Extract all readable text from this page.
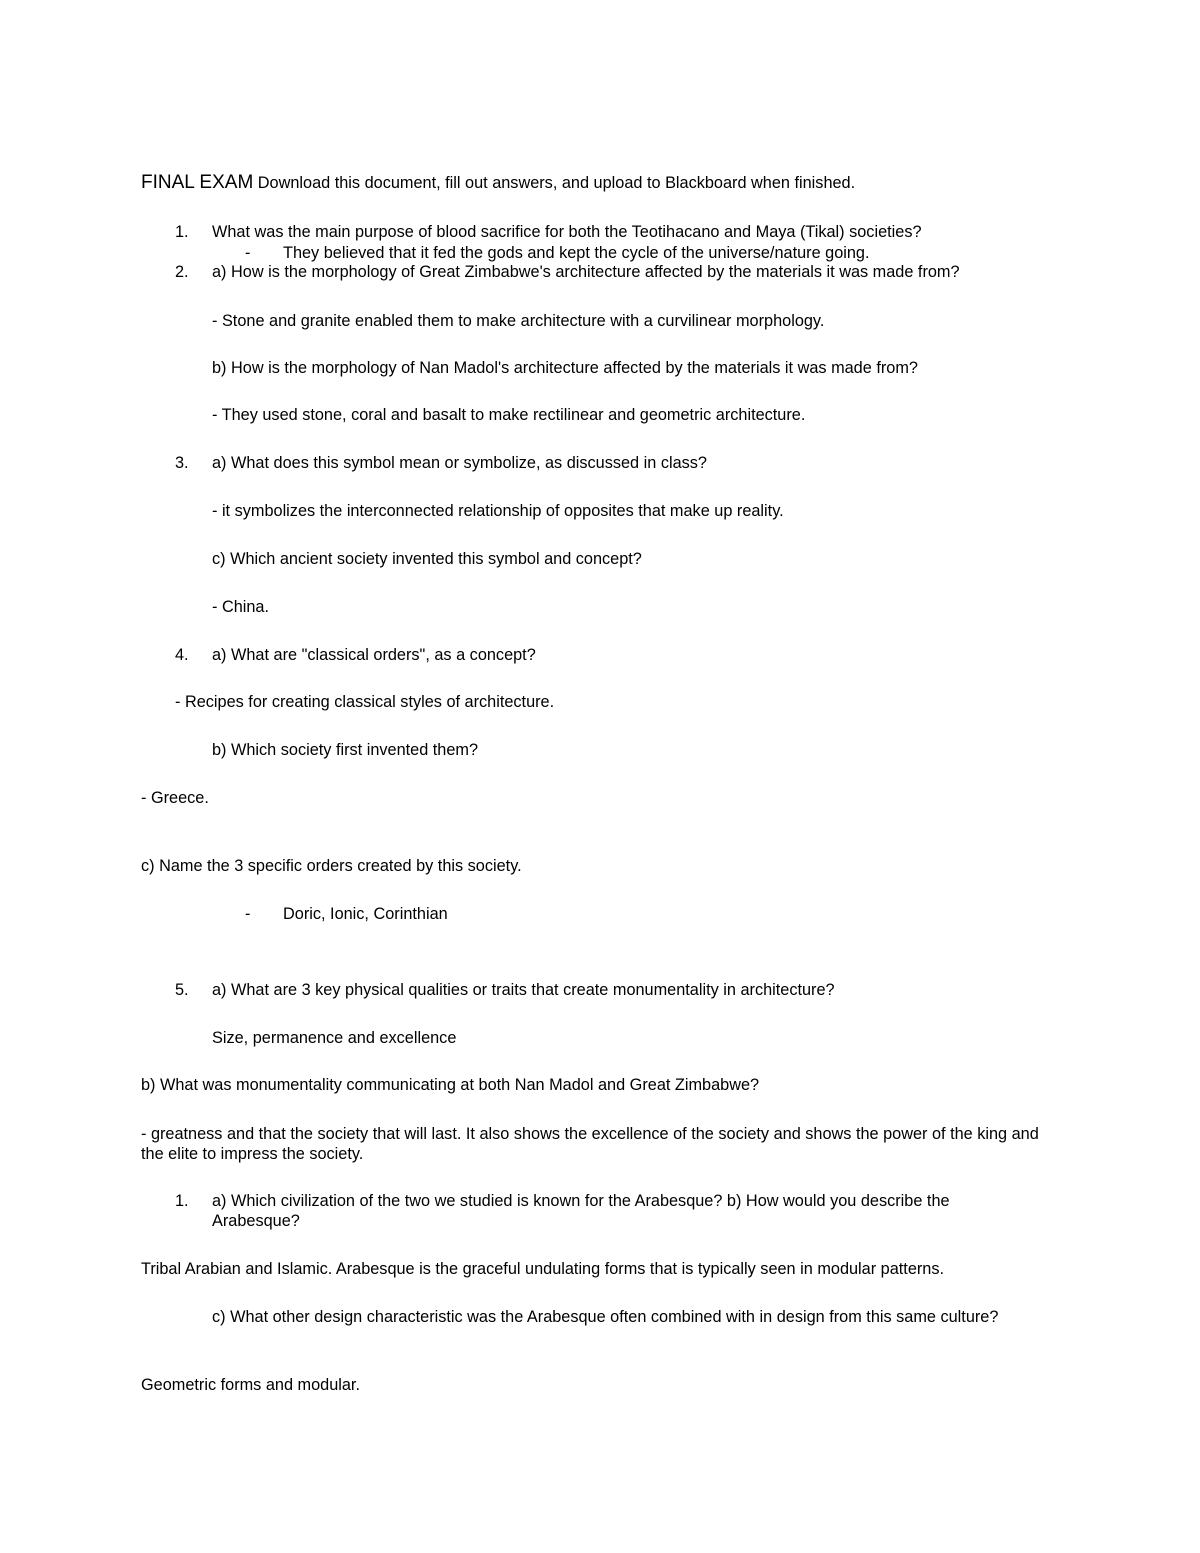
FINAL EXAM Download this document, fill out answers, and upload to Blackboard when finished.
1. What was the main purpose of blood sacrifice for both the Teotihacano and Maya (Tikal) societies?
- They believed that it fed the gods and kept the cycle of the universe/nature going.
2. a) How is the morphology of Great Zimbabwe's architecture affected by the materials it was made from?
- Stone and granite enabled them to make architecture with a curvilinear morphology.
b) How is the morphology of Nan Madol's architecture affected by the materials it was made from?
- They used stone, coral and basalt to make rectilinear and geometric architecture.
3. a) What does this symbol mean or symbolize, as discussed in class?
- it symbolizes the interconnected relationship of opposites that make up reality.
c) Which ancient society invented this symbol and concept?
- China.
4. a) What are "classical orders", as a concept?
- Recipes for creating classical styles of architecture.
b) Which society first invented them?
- Greece.
c) Name the 3 specific orders created by this society.
- Doric, Ionic, Corinthian
5. a) What are 3 key physical qualities or traits that create monumentality in architecture?
Size, permanence and excellence
b) What was monumentality communicating at both Nan Madol and Great Zimbabwe?
- greatness and that the society that will last. It also shows the excellence of the society and shows the power of the king and the elite to impress the society.
1. a) Which civilization of the two we studied is known for the Arabesque? b) How would you describe the Arabesque?
Tribal Arabian and Islamic. Arabesque is the graceful undulating forms that is typically seen in modular patterns.
c) What other design characteristic was the Arabesque often combined with in design from this same culture?
Geometric forms and modular.
